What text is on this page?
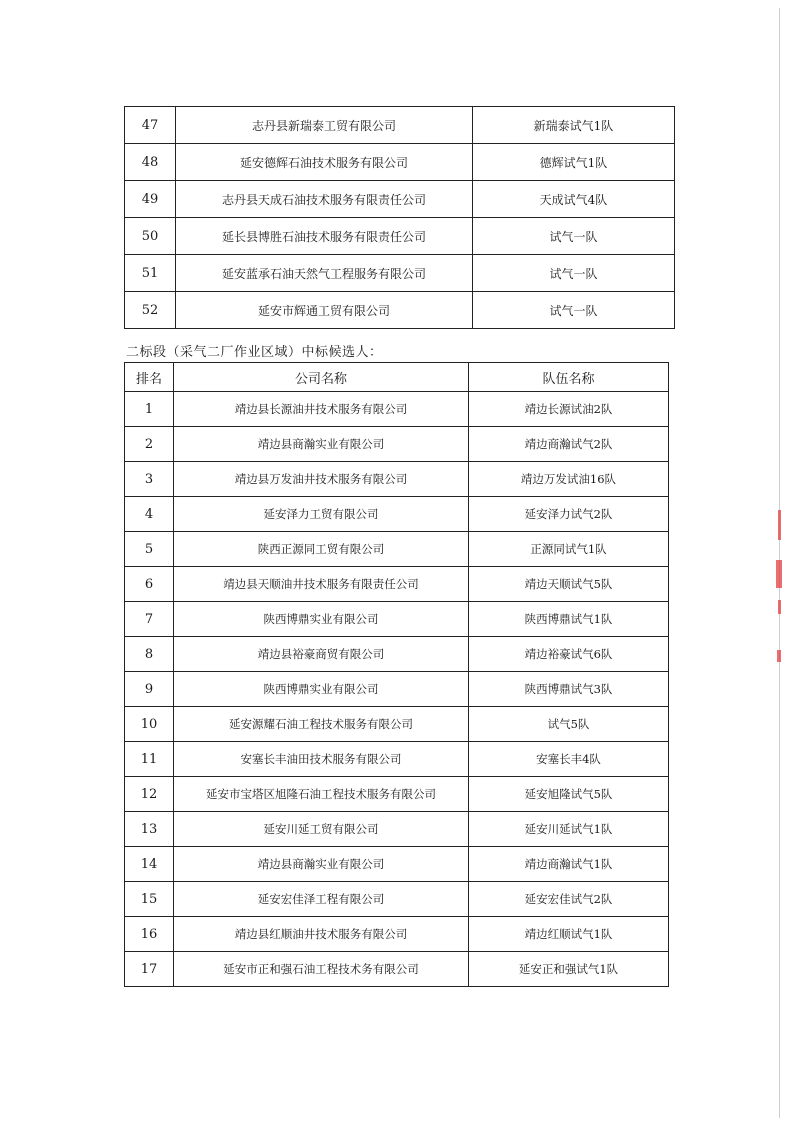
47	志丹县新瑞泰工贸有限公司	新瑞泰试气1队
48	延安德辉石油技术服务有限公司	德辉试气1队
49	志丹县天成石油技术服务有限责任公司	天成试气4队
50	延长县博胜石油技术服务有限责任公司	试气一队
51	延安蓝承石油天然气工程服务有限公司	试气一队
52	延安市辉通工贸有限公司	试气一队
二标段（采气二厂作业区域）中标候选人：
排名	公司名称	队伍名称
1	靖边县长源油井技术服务有限公司	靖边长源试油2队
2	靖边县商瀚实业有限公司	靖边商瀚试气2队
3	靖边县万发油井技术服务有限公司	靖边万发试油16队
4	延安泽力工贸有限公司	延安泽力试气2队
5	陕西正源同工贸有限公司	正源同试气1队
6	靖边县天顺油井技术服务有限责任公司	靖边天顺试气5队
7	陕西博鼎实业有限公司	陕西博鼎试气1队
8	靖边县裕豪商贸有限公司	靖边裕豪试气6队
9	陕西博鼎实业有限公司	陕西博鼎试气3队
10	延安源耀石油工程技术服务有限公司	试气5队
11	安塞长丰油田技术服务有限公司	安塞长丰4队
12	延安市宝塔区旭隆石油工程技术服务有限公司	延安旭隆试气5队
13	延安川延工贸有限公司	延安川延试气1队
14	靖边县商瀚实业有限公司	靖边商瀚试气1队
15	延安宏佳泽工程有限公司	延安宏佳试气2队
16	靖边县红顺油井技术服务有限公司	靖边红顺试气1队
17	延安市正和强石油工程技术务有限公司	延安正和强试气1队
